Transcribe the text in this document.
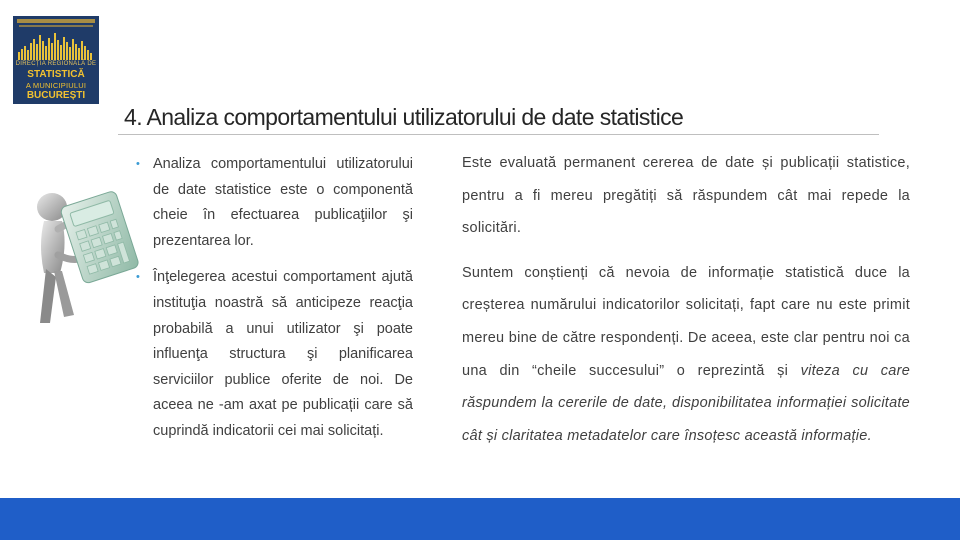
DIRECȚIA REGIONALĂ DE
STATISTICĂ
A MUNICIPIULUI
BUCUREȘTI
4. Analiza comportamentului utilizatorului de date statistice
• Analiza comportamentului utilizatorului de date statistice este o componentă cheie în efectuarea publicaţiilor şi prezentarea lor.
• Înţelegerea acestui comportament ajută instituţia noastră să anticipeze reacţia probabilă a unui utilizator şi poate influenţa structura şi planificarea serviciilor publice oferite de noi. De aceea ne -am axat pe publicații care să cuprindă indicatorii cei mai solicitați.

Este evaluată permanent cererea de date și publicații statistice, pentru a fi mereu pregătiți să răspundem cât mai repede la solicitări.

Suntem conștienți că nevoia de informație statistică duce la creșterea numărului indicatorilor solicitați, fapt care nu este primit mereu bine de către respondenți. De aceea, este clar pentru noi ca una din “cheile succesului” o reprezintă și viteza cu care răspundem la cererile de date, disponibilitatea informației solicitate cât și claritatea metadatelor care însoțesc această informație.
